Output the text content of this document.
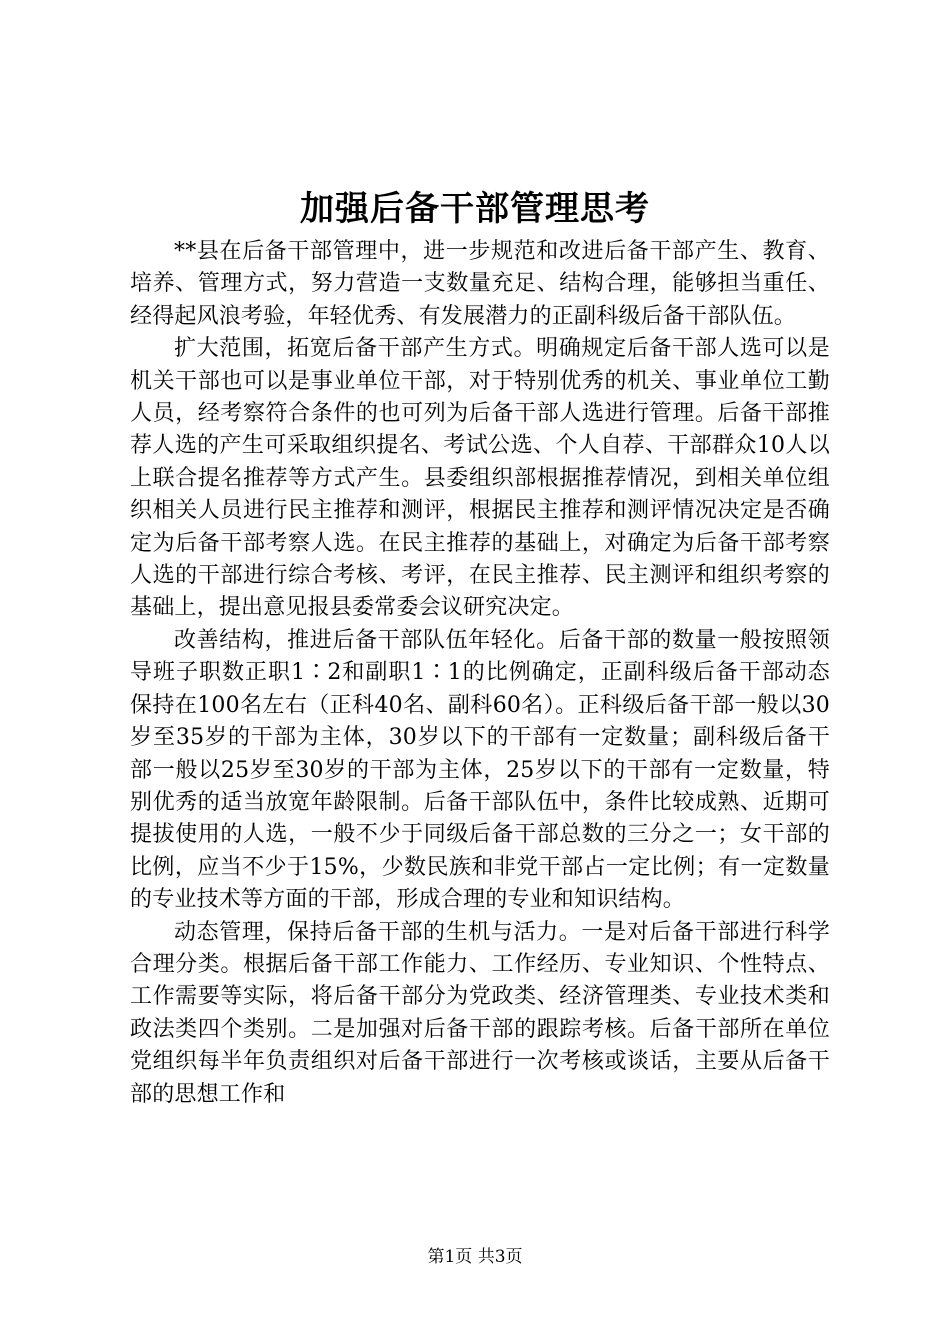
加强后备干部管理思考

**县在后备干部管理中，进一步规范和改进后备干部产生、教育、培养、管理方式，努力营造一支数量充足、结构合理，能够担当重任、经得起风浪考验，年轻优秀、有发展潜力的正副科级后备干部队伍。

扩大范围，拓宽后备干部产生方式。明确规定后备干部人选可以是机关干部也可以是事业单位干部，对于特别优秀的机关、事业单位工勤人员，经考察符合条件的也可列为后备干部人选进行管理。后备干部推荐人选的产生可采取组织提名、考试公选、个人自荐、干部群众10人以上联合提名推荐等方式产生。县委组织部根据推荐情况，到相关单位组织相关人员进行民主推荐和测评，根据民主推荐和测评情况决定是否确定为后备干部考察人选。在民主推荐的基础上，对确定为后备干部考察人选的干部进行综合考核、考评，在民主推荐、民主测评和组织考察的基础上，提出意见报县委常委会议研究决定。

改善结构，推进后备干部队伍年轻化。后备干部的数量一般按照领导班子职数正职1∶2和副职1∶1的比例确定，正副科级后备干部动态保持在100名左右（正科40名、副科60名）。正科级后备干部一般以30岁至35岁的干部为主体，30岁以下的干部有一定数量；副科级后备干部一般以25岁至30岁的干部为主体，25岁以下的干部有一定数量，特别优秀的适当放宽年龄限制。后备干部队伍中，条件比较成熟、近期可提拔使用的人选，一般不少于同级后备干部总数的三分之一；女干部的比例，应当不少于15%，少数民族和非党干部占一定比例；有一定数量的专业技术等方面的干部，形成合理的专业和知识结构。

动态管理，保持后备干部的生机与活力。一是对后备干部进行科学合理分类。根据后备干部工作能力、工作经历、专业知识、个性特点、工作需要等实际，将后备干部分为党政类、经济管理类、专业技术类和政法类四个类别。二是加强对后备干部的跟踪考核。后备干部所在单位党组织每半年负责组织对后备干部进行一次考核或谈话，主要从后备干部的思想工作和

第1页 共3页
